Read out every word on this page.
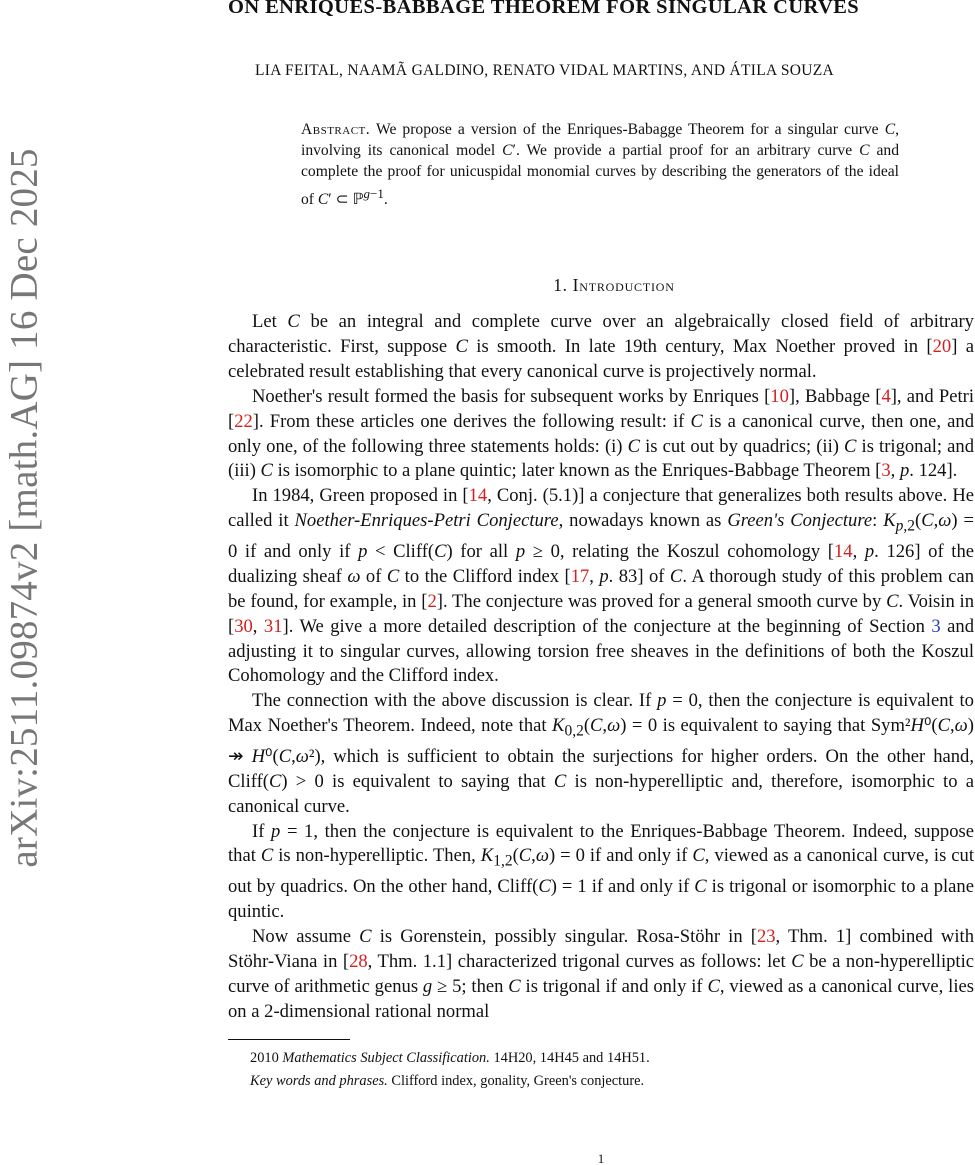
arXiv:2511.09874v2 [math.AG] 16 Dec 2025
ON ENRIQUES-BABBAGE THEOREM FOR SINGULAR CURVES
LIA FEITAL, NAAMÃ GALDINO, RENATO VIDAL MARTINS, AND ÁTILA SOUZA
Abstract. We propose a version of the Enriques-Babagge Theorem for a singular curve C, involving its canonical model C′. We provide a partial proof for an arbitrary curve C and complete the proof for unicuspidal monomial curves by describing the generators of the ideal of C′ ⊂ ℙ$^{g-1}$.
1. Introduction

Let C be an integral and complete curve over an algebraically closed field of arbitrary characteristic. First, suppose C is smooth. In late 19th century, Max Noether proved in [20] a celebrated result establishing that every canonical curve is projectively normal.

Noether's result formed the basis for subsequent works by Enriques [10], Babbage [4], and Petri [22]. From these articles one derives the following result: if C is a canonical curve, then one, and only one, of the following three statements holds: (i) C is cut out by quadrics; (ii) C is trigonal; and (iii) C is isomorphic to a plane quintic; later known as the Enriques-Babbage Theorem [3, p. 124].

In 1984, Green proposed in [14, Conj. (5.1)] a conjecture that generalizes both results above. He called it Noether-Enriques-Petri Conjecture, nowadays known as Green's Conjecture: $K_{p,2}(C,\omega) = 0$ if and only if p < Cliff(C) for all p ≥ 0, relating the Koszul cohomology [14, p. 126] of the dualizing sheaf ω of C to the Clifford index [17, p. 83] of C. A thorough study of this problem can be found, for example, in [2]. The conjecture was proved for a general smooth curve by C. Voisin in [30, 31]. We give a more detailed description of the conjecture at the beginning of Section 3 and adjusting it to singular curves, allowing torsion free sheaves in the definitions of both the Koszul Cohomology and the Clifford index.

The connection with the above discussion is clear. If p = 0, then the conjecture is equivalent to Max Noether's Theorem. Indeed, note that $K_{0,2}(C,\omega) = 0$ is equivalent to saying that Sym²H⁰(C,ω) ↠ H⁰(C,ω²), which is sufficient to obtain the surjections for higher orders. On the other hand, Cliff(C) > 0 is equivalent to saying that C is non-hyperelliptic and, therefore, isomorphic to a canonical curve.

If p = 1, then the conjecture is equivalent to the Enriques-Babbage Theorem. Indeed, suppose that C is non-hyperelliptic. Then, $K_{1,2}(C,\omega) = 0$ if and only if C, viewed as a canonical curve, is cut out by quadrics. On the other hand, Cliff(C) = 1 if and only if C is trigonal or isomorphic to a plane quintic.

Now assume C is Gorenstein, possibly singular. Rosa-Stöhr in [23, Thm. 1] combined with Stöhr-Viana in [28, Thm. 1.1] characterized trigonal curves as follows: let C be a non-hyperelliptic curve of arithmetic genus g ≥ 5; then C is trigonal if and only if C, viewed as a canonical curve, lies on a 2-dimensional rational normal

2010 Mathematics Subject Classification. 14H20, 14H45 and 14H51.
Key words and phrases. Clifford index, gonality, Green's conjecture.
1
